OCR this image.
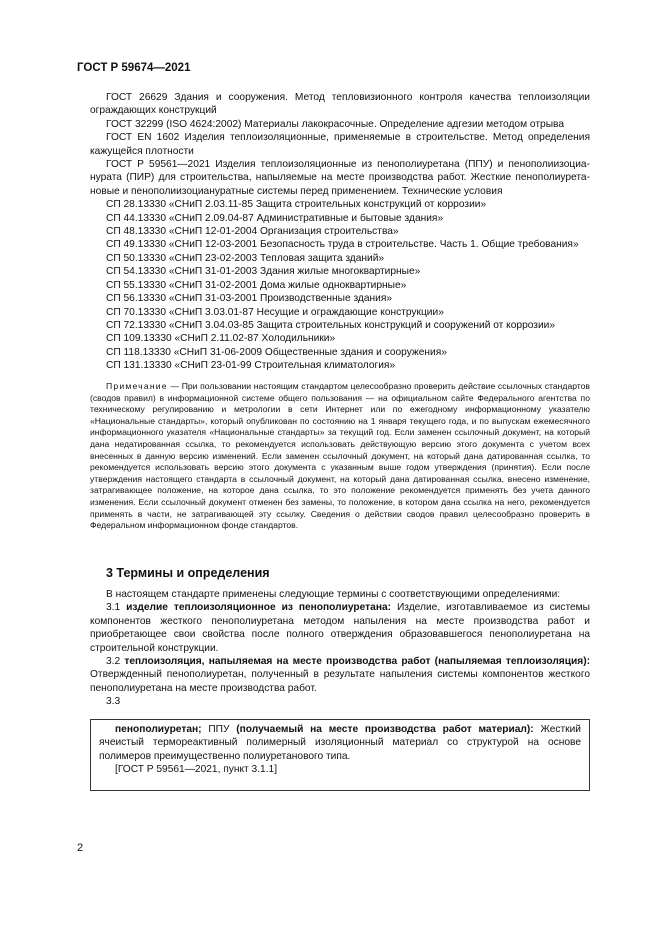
ГОСТ Р 59674—2021

ГОСТ 26629 Здания и сооружения. Метод тепловизионного контроля качества теплоизоляции ограждающих конструкций

ГОСТ 32299 (ISO 4624:2002) Материалы лакокрасочные. Определение адгезии методом отрыва

ГОСТ EN 1602 Изделия теплоизоляционные, применяемые в строительстве. Метод определения кажущейся плотности

ГОСТ Р 59561—2021 Изделия теплоизоляционные из пенополиуретана (ППУ) и пенополиизоцианурата (ПИР) для строительства, напыляемые на месте производства работ. Жесткие пенополиуретановые и пенополиизоциануратные системы перед применением. Технические условия

СП 28.13330 «СНиП 2.03.11-85 Защита строительных конструкций от коррозии»

СП 44.13330 «СНиП 2.09.04-87 Административные и бытовые здания»

СП 48.13330 «СНиП 12-01-2004 Организация строительства»

СП 49.13330 «СНиП 12-03-2001 Безопасность труда в строительстве. Часть 1. Общие требования»

СП 50.13330 «СНиП 23-02-2003 Тепловая защита зданий»

СП 54.13330 «СНиП 31-01-2003 Здания жилые многоквартирные»

СП 55.13330 «СНиП 31-02-2001 Дома жилые одноквартирные»

СП 56.13330 «СНиП 31-03-2001 Производственные здания»

СП 70.13330 «СНиП 3.03.01-87 Несущие и ограждающие конструкции»

СП 72.13330 «СНиП 3.04.03-85 Защита строительных конструкций и сооружений от коррозии»

СП 109.13330 «СНиП 2.11.02-87 Холодильники»

СП 118.13330 «СНиП 31-06-2009 Общественные здания и сооружения»

СП 131.13330 «СНиП 23-01-99 Строительная климатология»

Примечание — При пользовании настоящим стандартом целесообразно проверить действие ссылочных стандартов (сводов правил) в информационной системе общего пользования — на официальном сайте Федерального агентства по техническому регулированию и метрологии в сети Интернет или по ежегодному информационному указателю «Национальные стандарты», который опубликован по состоянию на 1 января текущего года, и по выпускам ежемесячного информационного указателя «Национальные стандарты» за текущий год. Если заменен ссылочный документ, на который дана недатированная ссылка, то рекомендуется использовать действующую версию этого документа с учетом всех внесенных в данную версию изменений. Если заменен ссылочный документ, на который дана датированная ссылка, то рекомендуется использовать версию этого документа с указанным выше годом утверждения (принятия). Если после утверждения настоящего стандарта в ссылочный документ, на который дана датированная ссылка, внесено изменение, затрагивающее положение, на которое дана ссылка, то это положение рекомендуется применять без учета данного изменения. Если ссылочный документ отменен без замены, то положение, в котором дана ссылка на него, рекомендуется применять в части, не затрагивающей эту ссылку. Сведения о действии сводов правил целесообразно проверить в Федеральном информационном фонде стандартов.
3 Термины и определения

В настоящем стандарте применены следующие термины с соответствующими определениями:

3.1 изделие теплоизоляционное из пенополиуретана: Изделие, изготавливаемое из системы компонентов жесткого пенополиуретана методом напыления на месте производства работ и приобретающее свои свойства после полного отверждения образовавшегося пенополиуретана на строительной конструкции.

3.2 теплоизоляция, напыляемая на месте производства работ (напыляемая теплоизоляция): Отвержденный пенополиуретан, полученный в результате напыления системы компонентов жесткого пенополиуретана на месте производства работ.

3.3

пенополиуретан; ППУ (получаемый на месте производства работ материал): Жесткий ячеистый термореактивный полимерный изоляционный материал со структурой на основе полимеров преимущественно полиуретанового типа.

[ГОСТ Р 59561—2021, пункт 3.1.1]

2
